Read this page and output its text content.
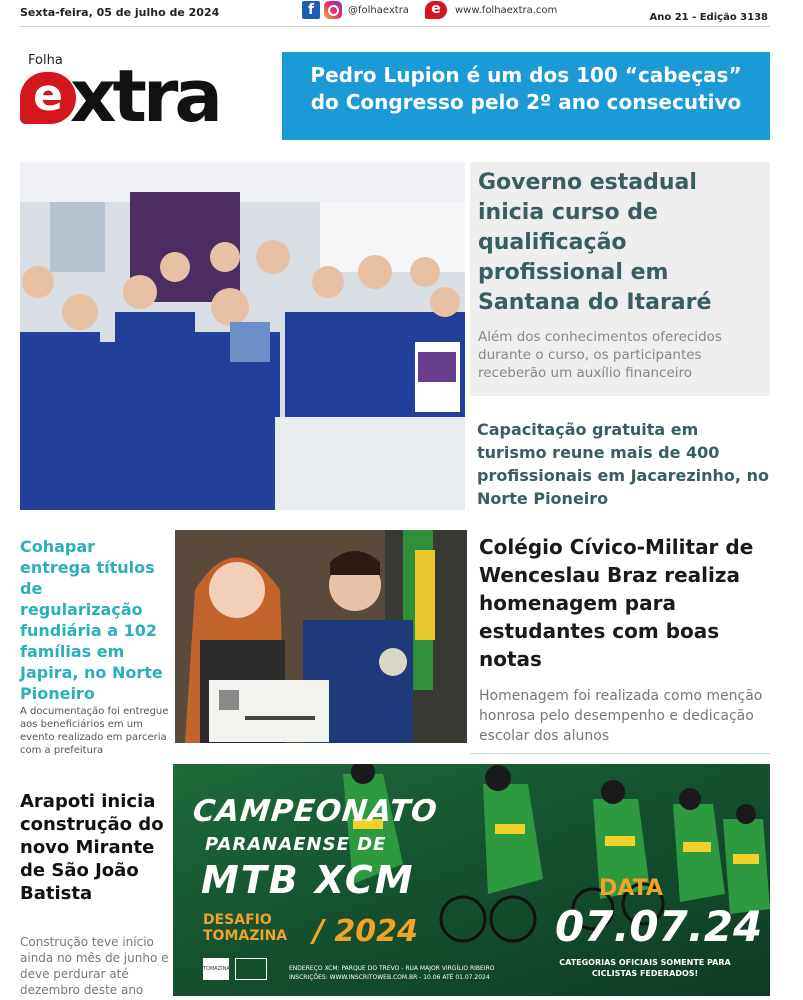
Sexta-feira, 05 de julho de 2024	f	@folhaextra	e	www.folhaextra.com
Ano 21 - Edição 3138
Folha
e xtra	Pedro Lupion é um dos 100 “cabeças” do Congresso pelo 2º ano consecutivo
Governo estadual inicia curso de qualificação profissional em Santana do Itararé
Além dos conhecimentos oferecidos durante o curso, os participantes receberão um auxílio financeiro
Capacitação gratuita em turismo reune mais de 400 profissionais em Jacarezinho, no Norte Pioneiro
Cohapar entrega títulos de regularização fundiária a 102 famílias em Japira, no Norte Pioneiro
A documentação foi entregue aos beneficiários em um evento realizado em parceria com a prefeitura
Colégio Cívico-Militar de Wenceslau Braz realiza homenagem para estudantes com boas notas
Homenagem foi realizada como menção honrosa pelo desempenho e dedicação escolar dos alunos
Arapoti inicia construção do novo Mirante de São João Batista
Construção teve início ainda no mês de junho e deve perdurar até dezembro deste ano
CAMPEONATO
PARANAENSE DE
MTB XCM
DESAFIO
TOMAZINA / 2024
DATA
07.07.24
CATEGORIAS OFICIAIS SOMENTE PARA CICLISTAS FEDERADOS!
TOMAZINA	ENDEREÇO XCM: PARQUE DO TREVO - RUA MAJOR VIRGÍLIO RIBEIRO
INSCRIÇÕES: WWW.INSCRITOWEB.COM.BR - 10.06 ATÉ 01.07.2024
